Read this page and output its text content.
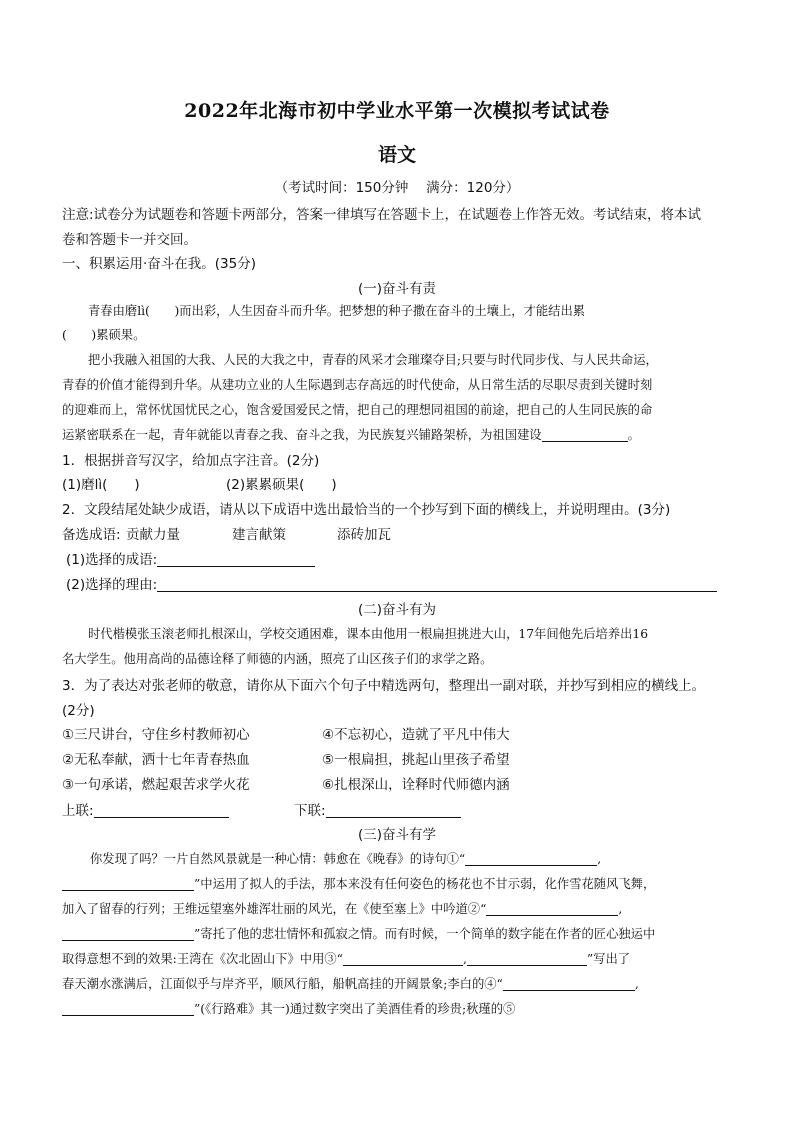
2022年北海市初中学业水平第一次模拟考试试卷
语文
（考试时间：150分钟　 满分：120分）
注意:试卷分为试题卷和答题卡两部分，答案一律填写在答题卡上，在试题卷上作答无效。考试结束，将本试
卷和答题卡一并交回。
一、积累运用·奋斗在我。(35分)
(一)奋斗有责
青春由磨lì(　　)而出彩，人生因奋斗而升华。把梦想的种子撒在奋斗的土壤上，才能结出累
(　　)累硕果。
把小我融入祖国的大我、人民的大我之中，青春的风采才会璀璨夺目;只要与时代同步伐、与人民共命运，
青春的价值才能得到升华。从建功立业的人生际遇到志存高远的时代使命，从日常生活的尽职尽责到关键时刻
的迎难而上，常怀忧国忧民之心，饱含爱国爱民之情，把自己的理想同祖国的前途，把自己的人生同民族的命
运紧密联系在一起，青年就能以青春之我、奋斗之我，为民族复兴铺路架桥，为祖国建设	。
1．根据拼音写汉字，给加点字注音。(2分)
(1)磨lì(　　)	(2)累累硕果(　　)
2．文段结尾处缺少成语，请从以下成语中选出最恰当的一个抄写到下面的横线上，并说明理由。(3分)
备选成语: 贡献力量	建言献策	添砖加瓦
(1)选择的成语:
(2)选择的理由:
(二)奋斗有为
时代楷模张玉滚老师扎根深山，学校交通困难，课本由他用一根扁担挑进大山，17年间他先后培养出16
名大学生。他用高尚的品德诠释了师德的内涵，照亮了山区孩子们的求学之路。
3．为了表达对张老师的敬意，请你从下面六个句子中精选两句，整理出一副对联，并抄写到相应的横线上。
(2分)
①三尺讲台，守住乡村教师初心	④不忘初心，造就了平凡中伟大
②无私奉献，洒十七年青春热血	⑤一根扁担，挑起山里孩子希望
③一句承诺，燃起艰苦求学火花	⑥扎根深山，诠释时代师德内涵
上联:	下联:
(三)奋斗有学
你发现了吗？一片自然风景就是一种心情：韩愈在《晚春》的诗句①“	,
”中运用了拟人的手法，那本来没有任何姿色的杨花也不甘示弱，化作雪花随风飞舞，
加入了留春的行列；王维远望塞外雄浑壮丽的风光，在《使至塞上》中吟道②“	,
”寄托了他的悲壮情怀和孤寂之情。而有时候，一个简单的数字能在作者的匠心独运中
取得意想不到的效果:王湾在《次北固山下》中用③“	,	”写出了
春天潮水涨满后，江面似乎与岸齐平，顺风行船，船帆高挂的开阔景象;李白的④“	,
”(《行路难》其一)通过数字突出了美酒佳肴的珍贵;秋瑾的⑤
